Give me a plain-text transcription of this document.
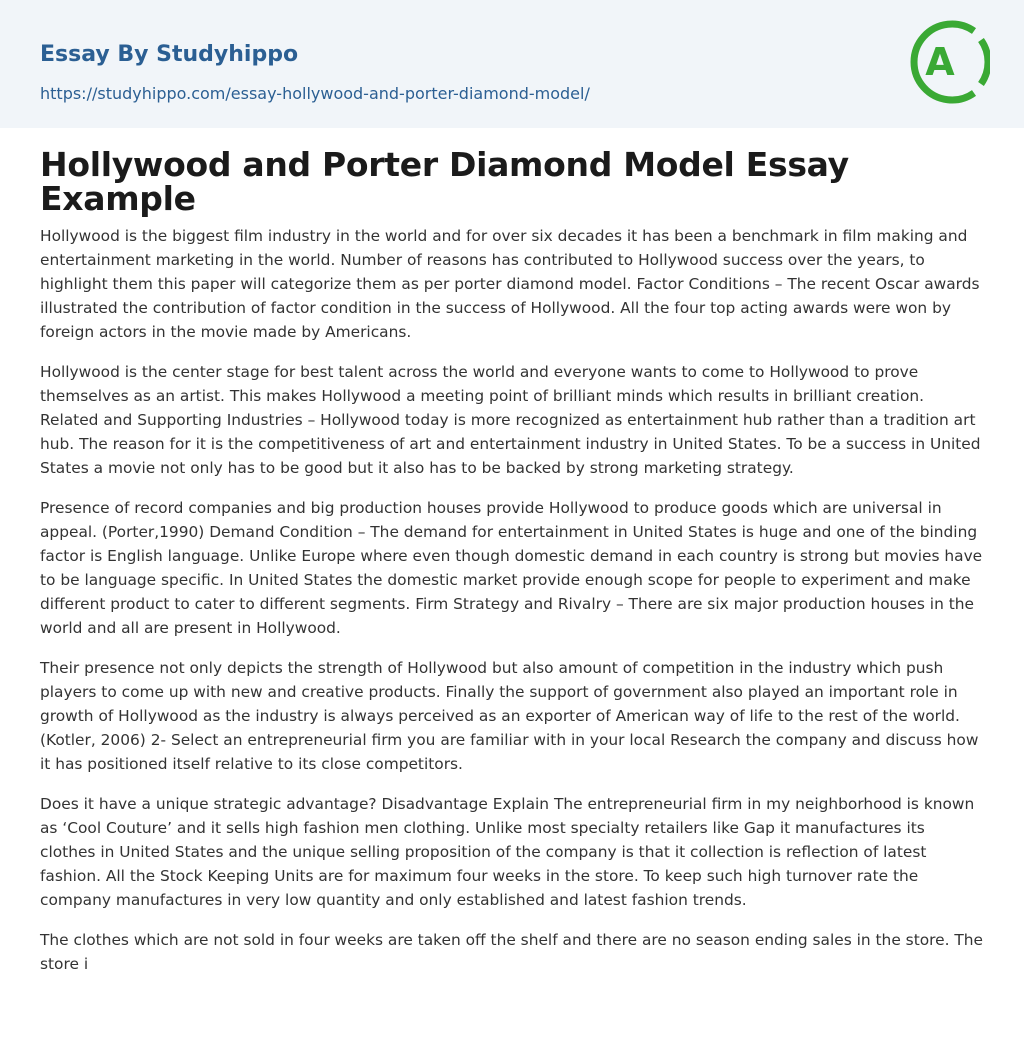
Essay By Studyhippo
https://studyhippo.com/essay-hollywood-and-porter-diamond-model/
A
Hollywood and Porter Diamond Model Essay Example

Hollywood is the biggest film industry in the world and for over six decades it has been a benchmark in film making and entertainment marketing in the world. Number of reasons has contributed to Hollywood success over the years, to highlight them this paper will categorize them as per porter diamond model. Factor Conditions – The recent Oscar awards illustrated the contribution of factor condition in the success of Hollywood. All the four top acting awards were won by foreign actors in the movie made by Americans.

Hollywood is the center stage for best talent across the world and everyone wants to come to Hollywood to prove themselves as an artist. This makes Hollywood a meeting point of brilliant minds which results in brilliant creation. Related and Supporting Industries – Hollywood today is more recognized as entertainment hub rather than a tradition art hub. The reason for it is the competitiveness of art and entertainment industry in United States. To be a success in United States a movie not only has to be good but it also has to be backed by strong marketing strategy.

Presence of record companies and big production houses provide Hollywood to produce goods which are universal in appeal. (Porter,1990) Demand Condition – The demand for entertainment in United States is huge and one of the binding factor is English language. Unlike Europe where even though domestic demand in each country is strong but movies have to be language specific. In United States the domestic market provide enough scope for people to experiment and make different product to cater to different segments. Firm Strategy and Rivalry – There are six major production houses in the world and all are present in Hollywood.

Their presence not only depicts the strength of Hollywood but also amount of competition in the industry which push players to come up with new and creative products. Finally the support of government also played an important role in growth of Hollywood as the industry is always perceived as an exporter of American way of life to the rest of the world. (Kotler, 2006) 2- Select an entrepreneurial firm you are familiar with in your local Research the company and discuss how it has positioned itself relative to its close competitors.

Does it have a unique strategic advantage? Disadvantage Explain The entrepreneurial firm in my neighborhood is known as ‘Cool Couture’ and it sells high fashion men clothing. Unlike most specialty retailers like Gap it manufactures its clothes in United States and the unique selling proposition of the company is that it collection is reflection of latest fashion. All the Stock Keeping Units are for maximum four weeks in the store. To keep such high turnover rate the company manufactures in very low quantity and only established and latest fashion trends.

The clothes which are not sold in four weeks are taken off the shelf and there are no season ending sales in the store. The store i
